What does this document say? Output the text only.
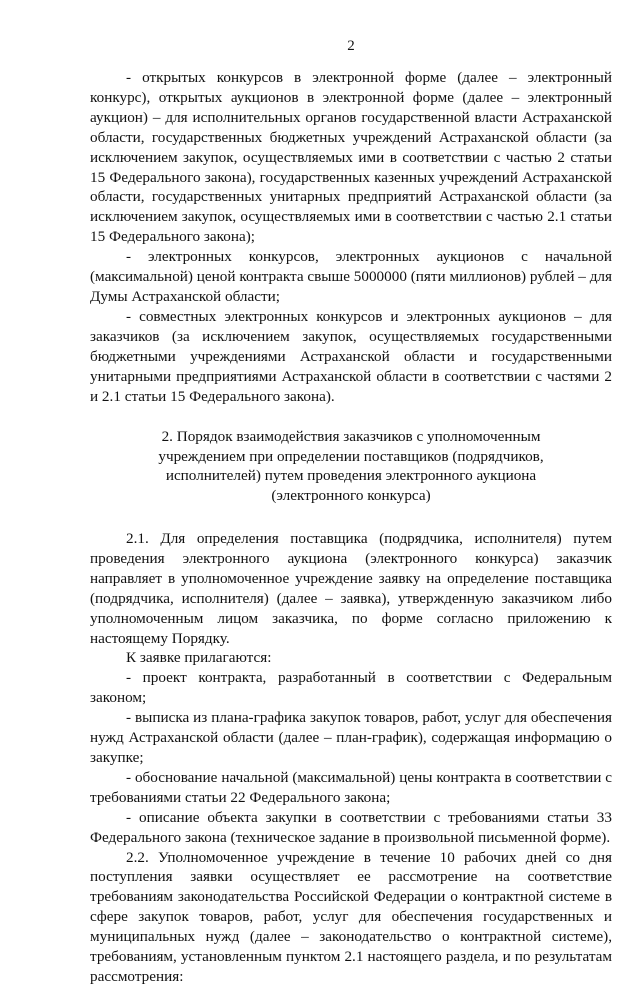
2

- открытых конкурсов в электронной форме (далее – электронный конкурс), открытых аукционов в электронной форме (далее – электронный аукцион) – для исполнительных органов государственной власти Астраханской области, государственных бюджетных учреждений Астраханской области (за исключением закупок, осуществляемых ими в соответствии с частью 2 статьи 15 Федерального закона), государственных казенных учреждений Астраханской области, государственных унитарных предприятий Астраханской области (за исключением закупок, осуществляемых ими в соответствии с частью 2.1 статьи 15 Федерального закона);

- электронных конкурсов, электронных аукционов с начальной (максимальной) ценой контракта свыше 5000000 (пяти миллионов) рублей – для Думы Астраханской области;

- совместных электронных конкурсов и электронных аукционов – для заказчиков (за исключением закупок, осуществляемых государственными бюджетными учреждениями Астраханской области и государственными унитарными предприятиями Астраханской области в соответствии с частями 2 и 2.1 статьи 15 Федерального закона).

2. Порядок взаимодействия заказчиков с уполномоченным
учреждением при определении поставщиков (подрядчиков,
исполнителей) путем проведения электронного аукциона
(электронного конкурса)

2.1. Для определения поставщика (подрядчика, исполнителя) путем проведения электронного аукциона (электронного конкурса) заказчик направляет в уполномоченное учреждение заявку на определение поставщика (подрядчика, исполнителя) (далее – заявка), утвержденную заказчиком либо уполномоченным лицом заказчика, по форме согласно приложению к настоящему Порядку.

К заявке прилагаются:

- проект контракта, разработанный в соответствии с Федеральным законом;

- выписка из плана-графика закупок товаров, работ, услуг для обеспечения нужд Астраханской области (далее – план-график), содержащая информацию о закупке;

- обоснование начальной (максимальной) цены контракта в соответствии с требованиями статьи 22 Федерального закона;

- описание объекта закупки в соответствии с требованиями статьи 33 Федерального закона (техническое задание в произвольной письменной форме).

2.2. Уполномоченное учреждение в течение 10 рабочих дней со дня поступления заявки осуществляет ее рассмотрение на соответствие требованиям законодательства Российской Федерации о контрактной системе в сфере закупок товаров, работ, услуг для обеспечения государственных и муниципальных нужд (далее – законодательство о контрактной системе), требованиям, установленным пунктом 2.1 настоящего раздела, и по результатам рассмотрения:
